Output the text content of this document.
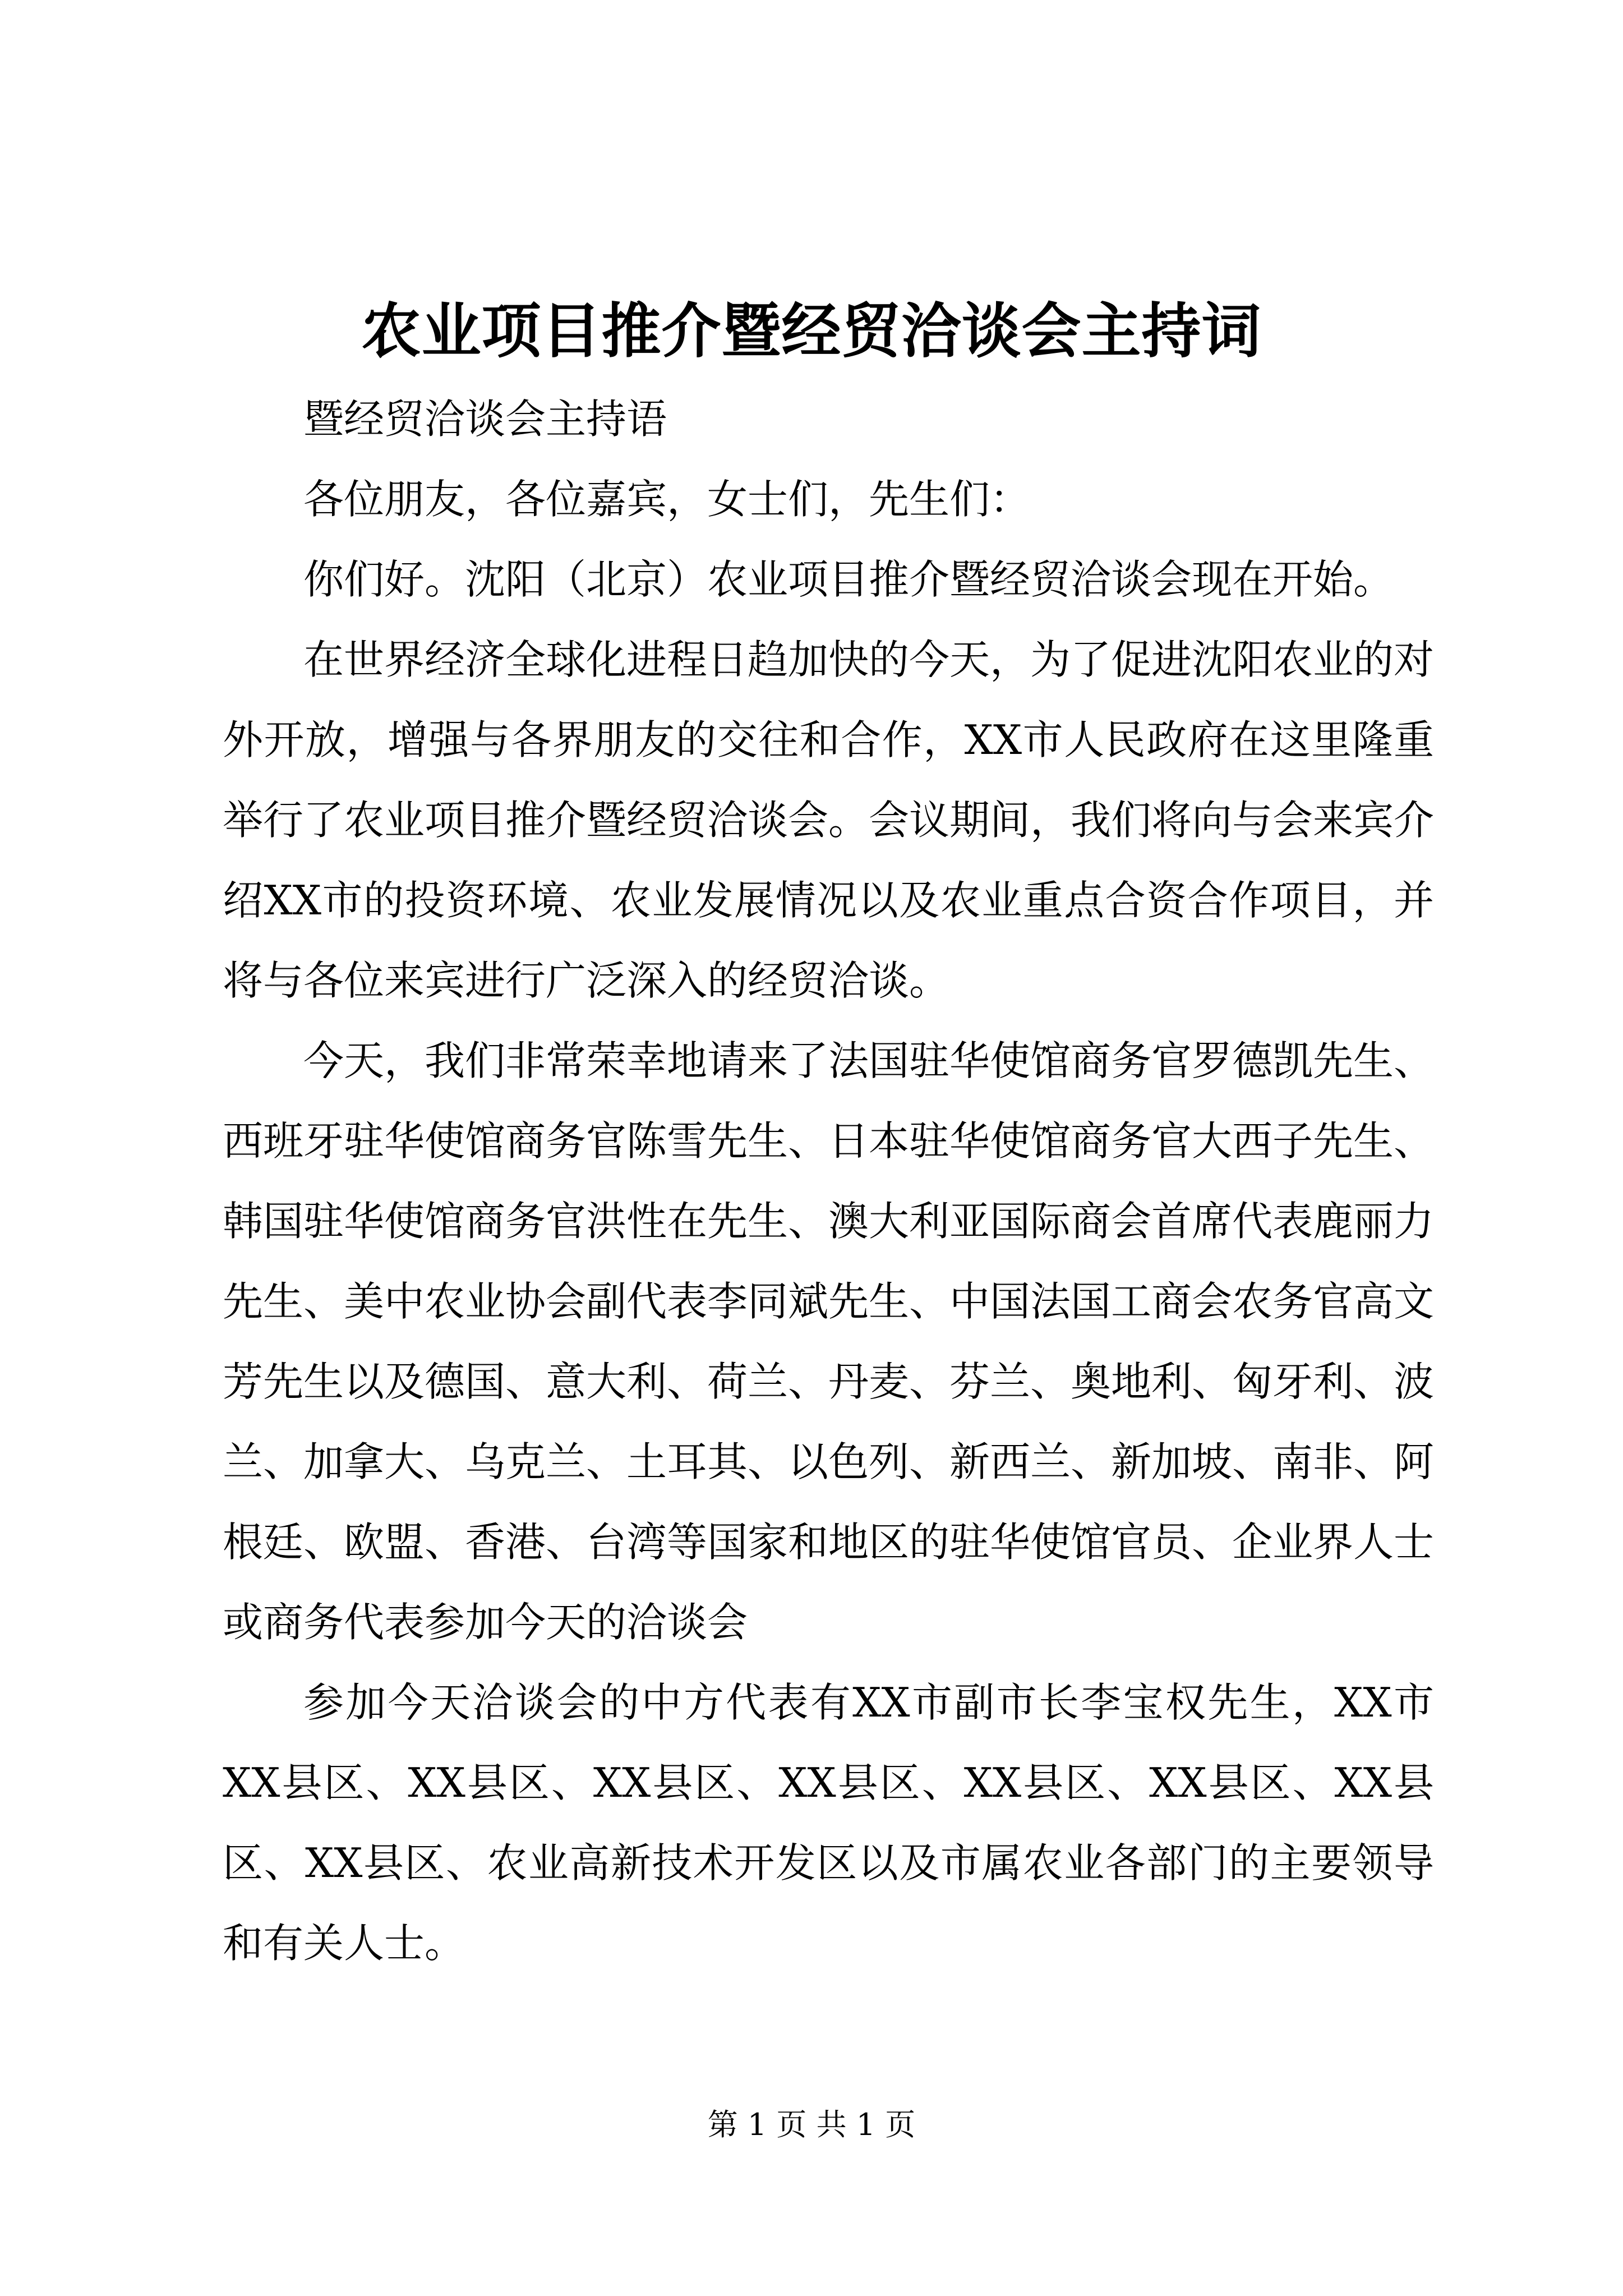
农业项目推介暨经贸洽谈会主持词

暨经贸洽谈会主持语

各位朋友，各位嘉宾，女士们，先生们：

你们好。沈阳（北京）农业项目推介暨经贸洽谈会现在开始。

在世界经济全球化进程日趋加快的今天，为了促进沈阳农业的对外开放，增强与各界朋友的交往和合作，XX市人民政府在这里隆重举行了农业项目推介暨经贸洽谈会。会议期间，我们将向与会来宾介绍XX市的投资环境、农业发展情况以及农业重点合资合作项目，并将与各位来宾进行广泛深入的经贸洽谈。

今天，我们非常荣幸地请来了法国驻华使馆商务官罗德凯先生、西班牙驻华使馆商务官陈雪先生、日本驻华使馆商务官大西子先生、韩国驻华使馆商务官洪性在先生、澳大利亚国际商会首席代表鹿丽力先生、美中农业协会副代表李同斌先生、中国法国工商会农务官高文芳先生以及德国、意大利、荷兰、丹麦、芬兰、奥地利、匈牙利、波兰、加拿大、乌克兰、土耳其、以色列、新西兰、新加坡、南非、阿根廷、欧盟、香港、台湾等国家和地区的驻华使馆官员、企业界人士或商务代表参加今天的洽谈会

参加今天洽谈会的中方代表有XX市副市长李宝权先生，XX市XX县区、XX县区、XX县区、XX县区、XX县区、XX县区、XX县区、XX县区、农业高新技术开发区以及市属农业各部门的主要领导和有关人士。

第 1 页 共 1 页
